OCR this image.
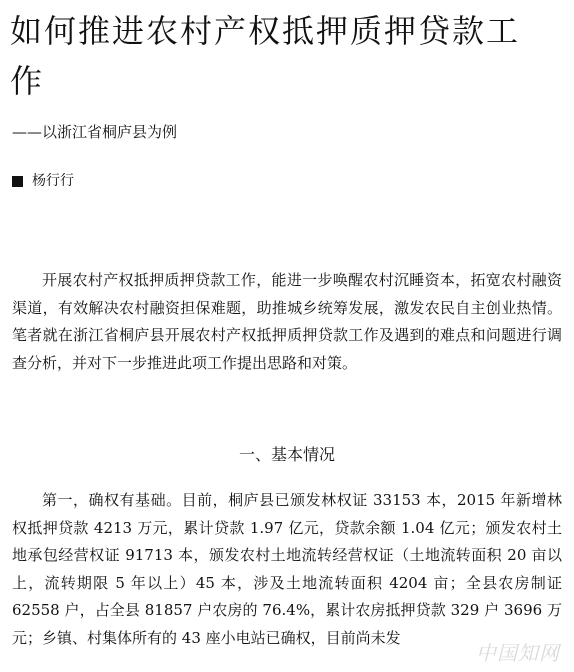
如何推进农村产权抵押质押贷款工作

——以浙江省桐庐县为例

杨行行

开展农村产权抵押质押贷款工作，能进一步唤醒农村沉睡资本，拓宽农村融资渠道，有效解决农村融资担保难题，助推城乡统筹发展，激发农民自主创业热情。笔者就在浙江省桐庐县开展农村产权抵押质押贷款工作及遇到的难点和问题进行调查分析，并对下一步推进此项工作提出思路和对策。

一、基本情况

第一，确权有基础。目前，桐庐县已颁发林权证 33153 本，2015 年新增林权抵押贷款 4213 万元，累计贷款 1.97 亿元，贷款余额 1.04 亿元；颁发农村土地承包经营权证 91713 本，颁发农村土地流转经营权证（土地流转面积 20 亩以上，流转期限 5 年以上）45 本，涉及土地流转面积 4204 亩；全县农房制证 62558 户，占全县 81857 户农房的 76.4%，累计农房抵押贷款 329 户 3696 万元；乡镇、村集体所有的 43 座小电站已确权，目前尚未发

中国知网
